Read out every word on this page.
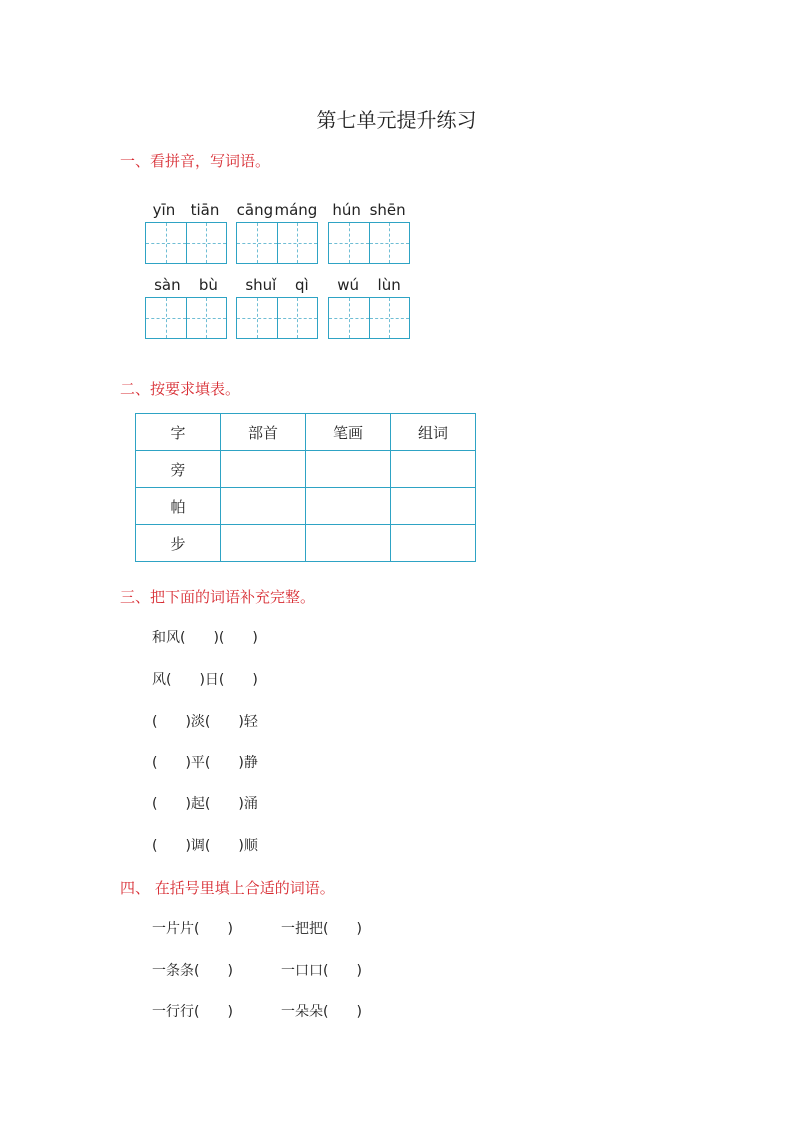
第七单元提升练习
一、看拼音，写词语。
yīn tiān cāng máng hún shēn
sàn bù shuǐ qì wú lùn
二、按要求填表。
字	部首	笔画	组词
旁			
帕			
步			
三、把下面的词语补充完整。
和风(　　)(　　)
风(　　)日(　　)
(　　)淡(　　)轻
(　　)平(　　)静
(　　)起(　　)涌
(　　)调(　　)顺
四、 在括号里填上合适的词语。
一片片(　　)	一把把(　　)
一条条(　　)	一口口(　　)
一行行(　　)	一朵朵(　　)
